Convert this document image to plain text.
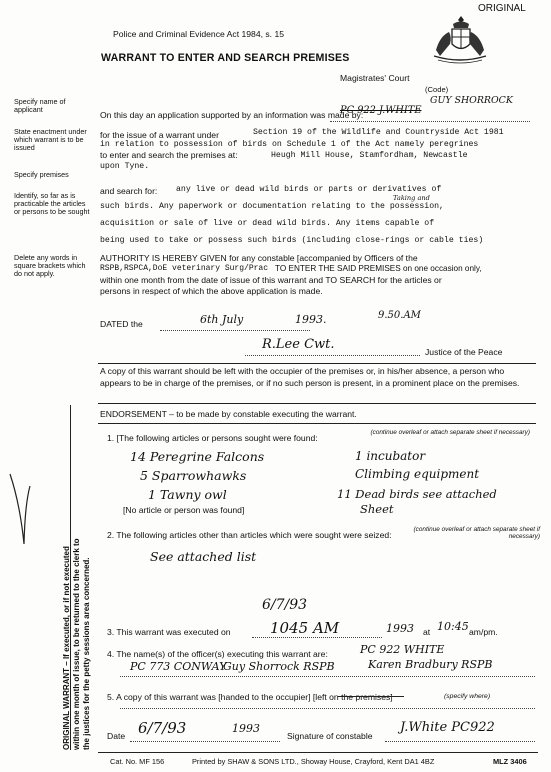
ORIGINAL
Police and Criminal Evidence Act 1984, s. 15
WARRANT TO ENTER AND SEARCH PREMISES
Magistrates' Court
(Code)
Specify name of applicant
State enactment under which warrant is to be issued
Specify premises
Identify, so far as is practicable the articles or persons to be sought
Delete any words in square brackets which do not apply.
GUY SHORROCK
On this day an application supported by an information was made by:
PC 922 J.WHITE
for the issue of a warrant under	Section 19 of the Wildlife and Countryside Act 1981
in relation to possession of birds on Schedule 1 of the Act namely peregrines
to enter and search the premises at:	Heugh Mill House, Stamfordham, Newcastle
upon Tyne.
and search for: any live or dead wild birds or parts or derivatives of
Taking and
such birds. Any paperwork or documentation relating to the possession,
acquisition or sale of live or dead wild birds. Any items capable of
being used to take or possess such birds (including close-rings or cable ties)
AUTHORITY IS HEREBY GIVEN for any constable [accompanied by Officers of the
RSPB,RSPCA,DoE veterinary Surg/Prac TO ENTER THE SAID PREMISES on one occasion only,
within one month from the date of issue of this warrant and TO SEARCH for the articles or
persons in respect of which the above application is made.
DATED the	6th July	1993.	9.50.AM
R.Lee Cwt.	Justice of the Peace
A copy of this warrant should be left with the occupier of the premises or, in his/her absence, a person who appears to be in charge of the premises, or if no such person is present, in a prominent place on the premises.
ENDORSEMENT – to be made by constable executing the warrant.
1. [The following articles or persons sought were found:
(continue overleaf or attach separate sheet if necessary)
14 Peregrine Falcons
5 Sparrowhawks
1 Tawny owl
1 incubator
Climbing equipment
11 Dead birds see attached
Sheet
[No article or person was found]
2. The following articles other than articles which were sought were seized:
(continue overleaf or attach separate sheet if necessary)
See attached list
6/7/93
3. This warrant was executed on	1045 AM	1993 at 10:45 am/pm.
4. The name(s) of the officer(s) executing this warrant are:	PC 922 WHITE
PC 773 CONWAY
Guy Shorrock RSPB	Karen Bradbury RSPB
5. A copy of this warrant was [handed to the occupier] [left on the premises]	(specify where)
Date 6/7/93	1993
Signature of constable
J.White PC922
ORIGINAL WARRANT – If executed, or if not executed within one month of issue, to be returned to the clerk to the justices for the petty sessions area concerned.
Cat. No. MF 156	Printed by SHAW & SONS LTD., Showay House, Crayford, Kent DA1 4BZ	MLZ 3406
